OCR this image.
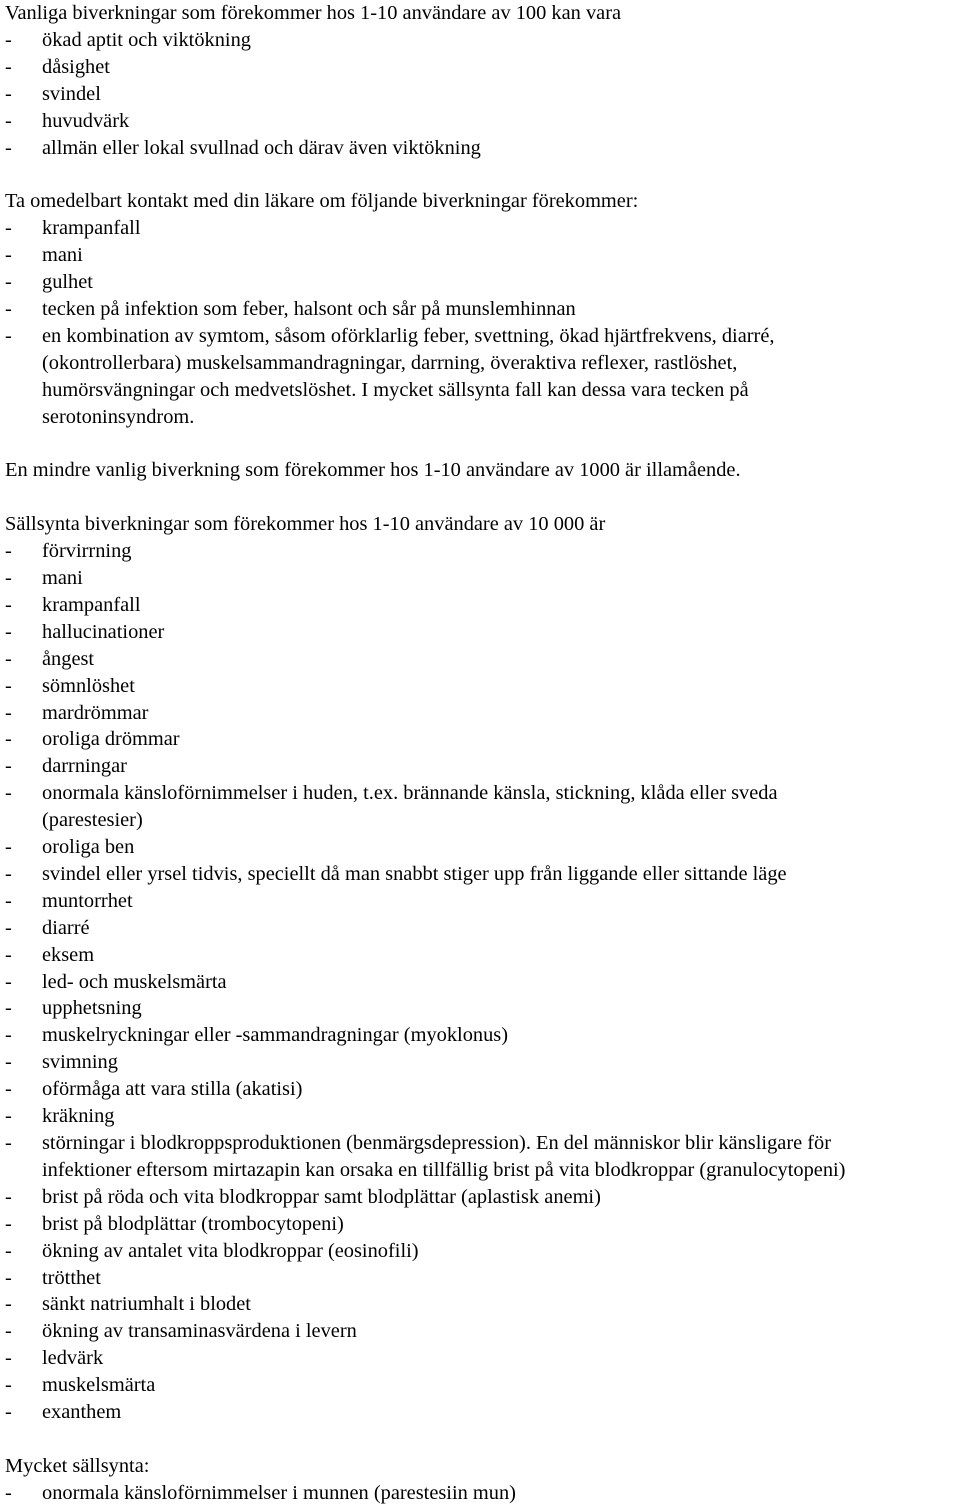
Vanliga biverkningar som förekommer hos 1-10 användare av 100 kan vara
- ökad aptit och viktökning
- dåsighet
- svindel
- huvudvärk
- allmän eller lokal svullnad och därav även viktökning
Ta omedelbart kontakt med din läkare om följande biverkningar förekommer:
- krampanfall
- mani
- gulhet
- tecken på infektion som feber, halsont och sår på munslemhinnan
- en kombination av symtom, såsom oförklarlig feber, svettning, ökad hjärtfrekvens, diarré,
(okontrollerbara) muskelsammandragningar, darrning, överaktiva reflexer, rastlöshet,
humörsvängningar och medvetslöshet. I mycket sällsynta fall kan dessa vara tecken på
serotoninsyndrom.
En mindre vanlig biverkning som förekommer hos 1-10 användare av 1000 är illamående.
Sällsynta biverkningar som förekommer hos 1-10 användare av 10 000 är
- förvirrning
- mani
- krampanfall
- hallucinationer
- ångest
- sömnlöshet
- mardrömmar
- oroliga drömmar
- darrningar
- onormala känsloförnimmelser i huden, t.ex. brännande känsla, stickning, klåda eller sveda
(parestesier)
- oroliga ben
- svindel eller yrsel tidvis, speciellt då man snabbt stiger upp från liggande eller sittande läge
- muntorrhet
- diarré
- eksem
- led- och muskelsmärta
- upphetsning
- muskelryckningar eller -sammandragningar (myoklonus)
- svimning
- oförmåga att vara stilla (akatisi)
- kräkning
- störningar i blodkroppsproduktionen (benmärgsdepression). En del människor blir känsligare för
infektioner eftersom mirtazapin kan orsaka en tillfällig brist på vita blodkroppar (granulocytopeni)
- brist på röda och vita blodkroppar samt blodplättar (aplastisk anemi)
- brist på blodplättar (trombocytopeni)
- ökning av antalet vita blodkroppar (eosinofili)
- trötthet
- sänkt natriumhalt i blodet
- ökning av transaminasvärdena i levern
- ledvärk
- muskelsmärta
- exanthem
Mycket sällsynta:
- onormala känsloförnimmelser i munnen (parestesiin mun)
